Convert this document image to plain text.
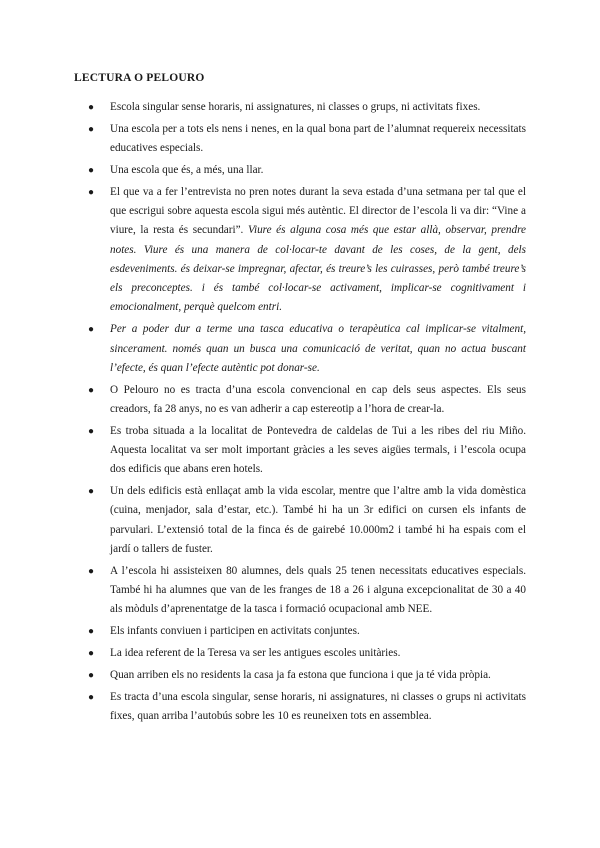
LECTURA O PELOURO
● Escola singular sense horaris, ni assignatures, ni classes o grups, ni activitats fixes.
● Una escola per a tots els nens i nenes, en la qual bona part de l’alumnat requereix necessitats educatives especials.
● Una escola que és, a més, una llar.
● El que va a fer l’entrevista no pren notes durant la seva estada d’una setmana per tal que el que escrigui sobre aquesta escola sigui més autèntic. El director de l’escola li va dir: “Vine a viure, la resta és secundari”. Viure és alguna cosa més que estar allà, observar, prendre notes. Viure és una manera de col·locar-te davant de les coses, de la gent, dels esdeveniments. és deixar-se impregnar, afectar, és treure’s les cuirasses, però també treure’s els preconceptes. i és també col·locar-se activament, implicar-se cognitivament i emocionalment, perquè quelcom entri.
● Per a poder dur a terme una tasca educativa o terapèutica cal implicar-se vitalment, sincerament. només quan un busca una comunicació de veritat, quan no actua buscant l’efecte, és quan l’efecte autèntic pot donar-se.
● O Pelouro no es tracta d’una escola convencional en cap dels seus aspectes. Els seus creadors, fa 28 anys, no es van adherir a cap estereotip a l’hora de crear-la.
● Es troba situada a la localitat de Pontevedra de caldelas de Tui a les ribes del riu Miño. Aquesta localitat va ser molt important gràcies a les seves aigües termals, i l’escola ocupa dos edificis que abans eren hotels.
● Un dels edificis està enllaçat amb la vida escolar, mentre que l’altre amb la vida domèstica (cuina, menjador, sala d’estar, etc.). També hi ha un 3r edifici on cursen els infants de parvulari. L’extensió total de la finca és de gairebé 10.000m2 i també hi ha espais com el jardí o tallers de fuster.
● A l’escola hi assisteixen 80 alumnes, dels quals 25 tenen necessitats educatives especials. També hi ha alumnes que van de les franges de 18 a 26 i alguna excepcionalitat de 30 a 40 als mòduls d’aprenentatge de la tasca i formació ocupacional amb NEE.
● Els infants conviuen i participen en activitats conjuntes.
● La idea referent de la Teresa va ser les antigues escoles unitàries.
● Quan arriben els no residents la casa ja fa estona que funciona i que ja té vida pròpia.
● Es tracta d’una escola singular, sense horaris, ni assignatures, ni classes o grups ni activitats fixes, quan arriba l’autobús sobre les 10 es reuneixen tots en assemblea.
